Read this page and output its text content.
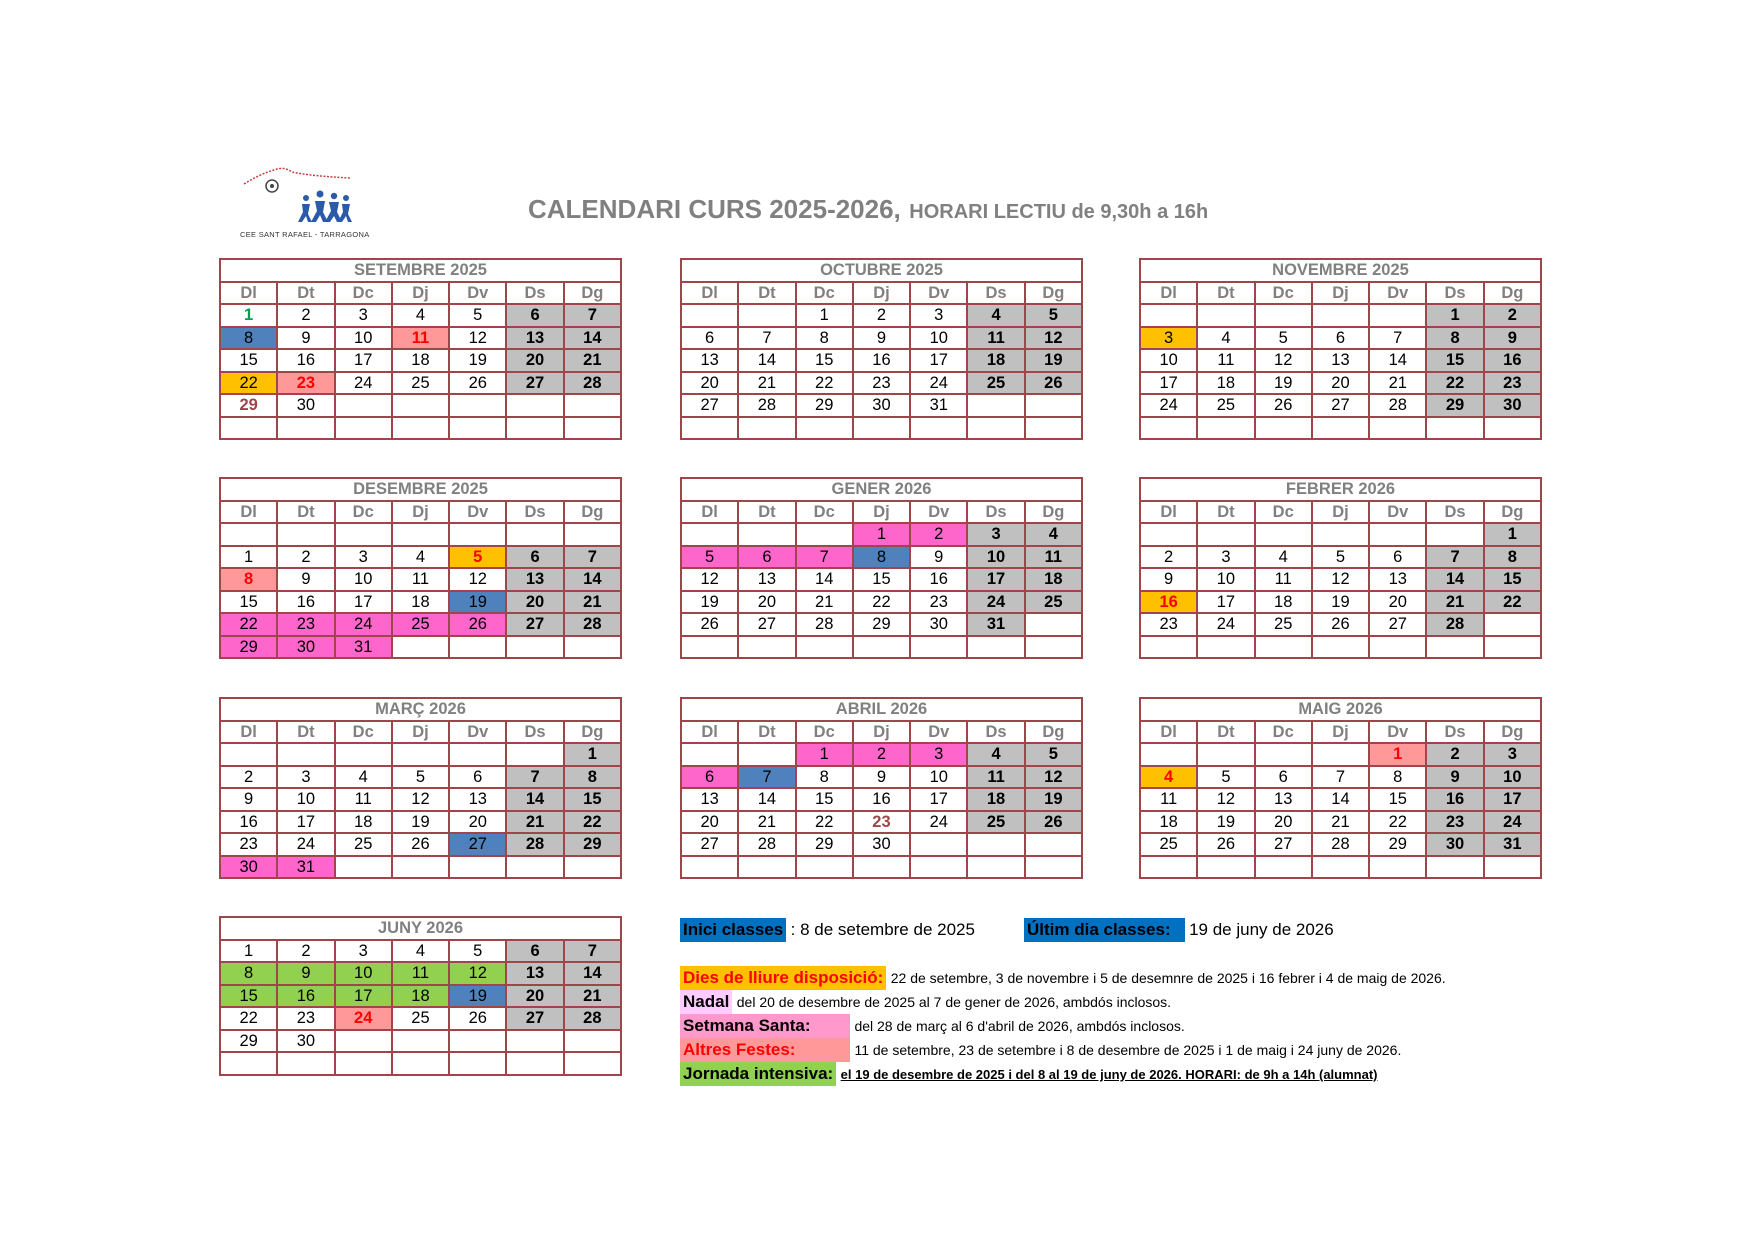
CEE SANT RAFAEL - TARRAGONA
CALENDARI CURS 2025-2026, HORARI LECTIU de 9,30h a 16h
SETEMBRE 2025						
Dl	Dt	Dc	Dj	Dv	Ds	Dg
1	2	3	4	5	6	7
8	9	10	11	12	13	14
15	16	17	18	19	20	21
22	23	24	25	26	27	28
29	30					

OCTUBRE 2025						
Dl	Dt	Dc	Dj	Dv	Ds	Dg
		1	2	3	4	5
6	7	8	9	10	11	12
13	14	15	16	17	18	19
20	21	22	23	24	25	26
27	28	29	30	31		

NOVEMBRE 2025						
Dl	Dt	Dc	Dj	Dv	Ds	Dg
					1	2
3	4	5	6	7	8	9
10	11	12	13	14	15	16
17	18	19	20	21	22	23
24	25	26	27	28	29	30

DESEMBRE 2025						
Dl	Dt	Dc	Dj	Dv	Ds	Dg

1	2	3	4	5	6	7
8	9	10	11	12	13	14
15	16	17	18	19	20	21
22	23	24	25	26	27	28
29	30	31				
GENER 2026						
Dl	Dt	Dc	Dj	Dv	Ds	Dg
			1	2	3	4
5	6	7	8	9	10	11
12	13	14	15	16	17	18
19	20	21	22	23	24	25
26	27	28	29	30	31	

FEBRER 2026						
Dl	Dt	Dc	Dj	Dv	Ds	Dg
						1
2	3	4	5	6	7	8
9	10	11	12	13	14	15
16	17	18	19	20	21	22
23	24	25	26	27	28	

MARÇ 2026						
Dl	Dt	Dc	Dj	Dv	Ds	Dg
						1
2	3	4	5	6	7	8
9	10	11	12	13	14	15
16	17	18	19	20	21	22
23	24	25	26	27	28	29
30	31					
ABRIL 2026						
Dl	Dt	Dc	Dj	Dv	Ds	Dg
		1	2	3	4	5
6	7	8	9	10	11	12
13	14	15	16	17	18	19
20	21	22	23	24	25	26
27	28	29	30			

MAIG 2026						
Dl	Dt	Dc	Dj	Dv	Ds	Dg
				1	2	3
4	5	6	7	8	9	10
11	12	13	14	15	16	17
18	19	20	21	22	23	24
25	26	27	28	29	30	31

JUNY 2026						
1	2	3	4	5	6	7
8	9	10	11	12	13	14
15	16	17	18	19	20	21
22	23	24	25	26	27	28
29	30					

Inici classes : 8 de setembre de 2025	Últim dia classes: 19 de juny de 2026
Dies de lliure disposició: 22 de setembre, 3 de novembre i 5 de desemnre de 2025 i 16 febrer i 4 de maig de 2026.
Nadal del 20 de desembre de 2025 al 7 de gener de 2026, ambdós inclosos.
Setmana Santa:	del 28 de març al 6 d'abril de 2026, ambdós inclosos.
Altres Festes:	11 de setembre, 23 de setembre i 8 de desembre de 2025 i 1 de maig i 24 juny de 2026.
Jornada intensiva: el 19 de desembre de 2025 i del 8 al 19 de juny de 2026. HORARI: de 9h a 14h (alumnat)
